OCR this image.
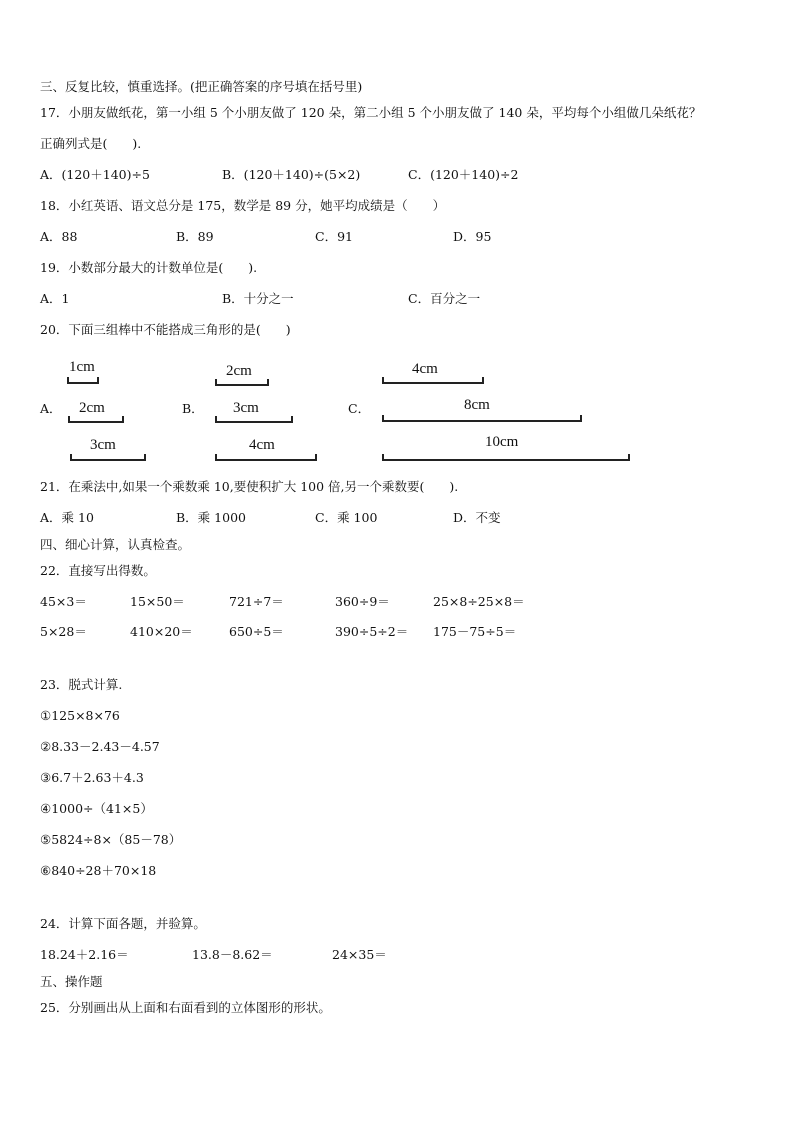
三、反复比较，慎重选择。(把正确答案的序号填在括号里)
17．小朋友做纸花，第一小组 5 个小朋友做了 120 朵，第二小组 5 个小朋友做了 140 朵，平均每个小组做几朵纸花？
正确列式是(　　).
A．(120＋140)÷5	B．(120＋140)÷(5×2)	C．(120＋140)÷2
18．小红英语、语文总分是 175，数学是 89 分，她平均成绩是（　　）
A．88	B．89	C．91	D．95
19．小数部分最大的计数单位是(　　).
A．1	B．十分之一	C．百分之一
20．下面三组棒中不能搭成三角形的是(　　)
A．	B．	C．
1cm
2cm
3cm
2cm
3cm
4cm
4cm
8cm
10cm
21．在乘法中,如果一个乘数乘 10,要使积扩大 100 倍,另一个乘数要(　　).
A．乘 10	B．乘 1000	C．乘 100	D．不变
四、细心计算，认真检查。
22．直接写出得数。
45×3＝	15×50＝	721÷7＝	360÷9＝	25×8÷25×8＝
5×28＝	410×20＝	650÷5＝	390÷5÷2＝ 175－75÷5＝
23．脱式计算.
①125×8×76
②8.33－2.43－4.57
③6.7＋2.63＋4.3
④1000÷（41×5）
⑤5824÷8×（85－78）
⑥840÷28＋70×18
24．计算下面各题，并验算。
18.24＋2.16＝	13.8－8.62＝	24×35＝
五、操作题
25．分别画出从上面和右面看到的立体图形的形状。
